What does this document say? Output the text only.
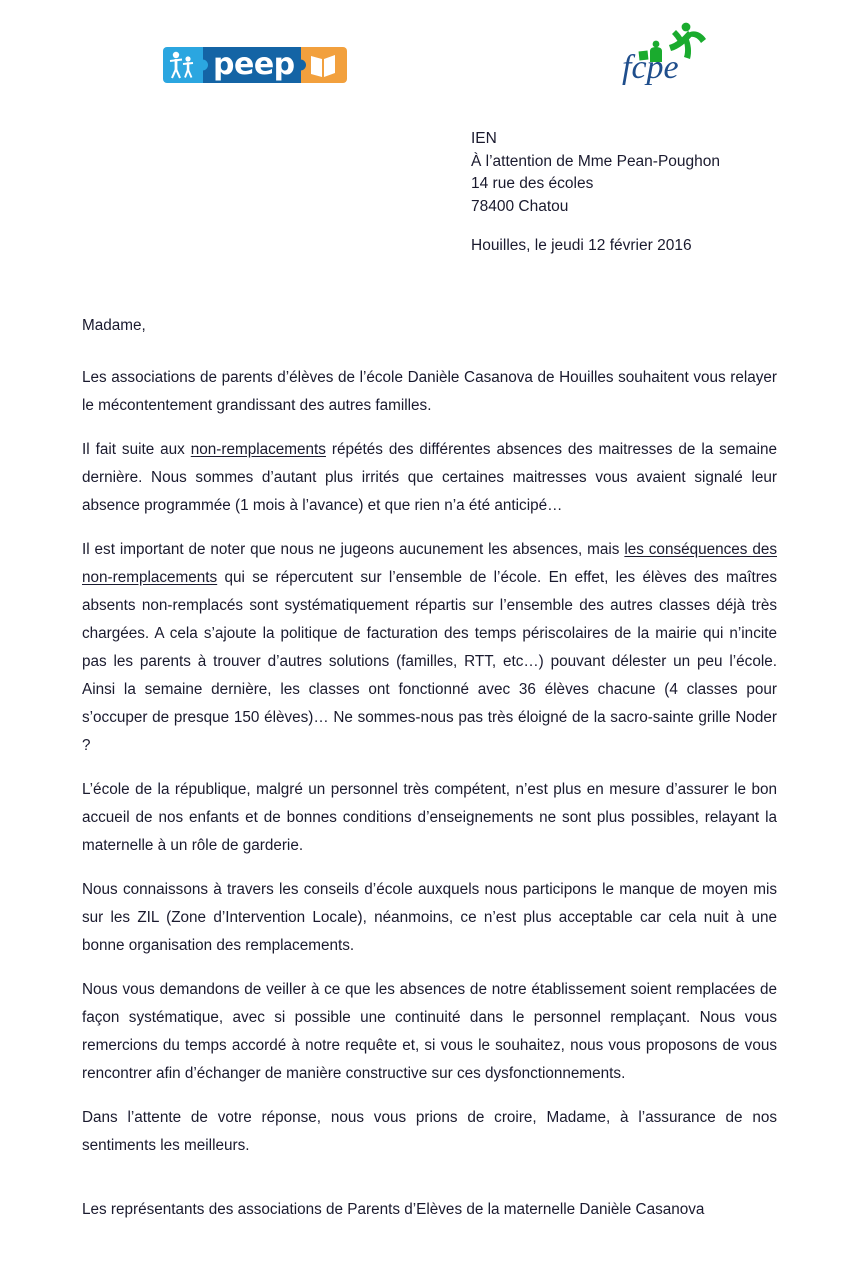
peep	fcpe
IEN
À l’attention de Mme Pean-Poughon
14 rue des écoles
78400 Chatou
Houilles, le jeudi 12 février 2016

Madame,

Les associations de parents d’élèves de l’école Danièle Casanova de Houilles souhaitent vous relayer le mécontentement grandissant des autres familles.

Il fait suite aux non-remplacements répétés des différentes absences des maitresses de la semaine dernière. Nous sommes d’autant plus irrités que certaines maitresses vous avaient signalé leur absence programmée (1 mois à l’avance) et que rien n’a été anticipé…

Il est important de noter que nous ne jugeons aucunement les absences, mais les conséquences des non-remplacements qui se répercutent sur l’ensemble de l’école. En effet, les élèves des maîtres absents non-remplacés sont systématiquement répartis sur l’ensemble des autres classes déjà très chargées. A cela s’ajoute la politique de facturation des temps périscolaires de la mairie qui n’incite pas les parents à trouver d’autres solutions (familles, RTT, etc…) pouvant délester un peu l’école. Ainsi la semaine dernière, les classes ont fonctionné avec 36 élèves chacune (4 classes pour s’occuper de presque 150 élèves)… Ne sommes-nous pas très éloigné de la sacro-sainte grille Noder ?

L’école de la république, malgré un personnel très compétent, n’est plus en mesure d’assurer le bon accueil de nos enfants et de bonnes conditions d’enseignements ne sont plus possibles, relayant la maternelle à un rôle de garderie.

Nous connaissons à travers les conseils d’école auxquels nous participons le manque de moyen mis sur les ZIL (Zone d’Intervention Locale), néanmoins, ce n’est plus acceptable car cela nuit à une bonne organisation des remplacements.

Nous vous demandons de veiller à ce que les absences de notre établissement soient remplacées de façon systématique, avec si possible une continuité dans le personnel remplaçant. Nous vous remercions du temps accordé à notre requête et, si vous le souhaitez, nous vous proposons de vous rencontrer afin d’échanger de manière constructive sur ces dysfonctionnements.

Dans l’attente de votre réponse, nous vous prions de croire, Madame, à l’assurance de nos sentiments les meilleurs.

Les représentants des associations de Parents d’Elèves de la maternelle Danièle Casanova
